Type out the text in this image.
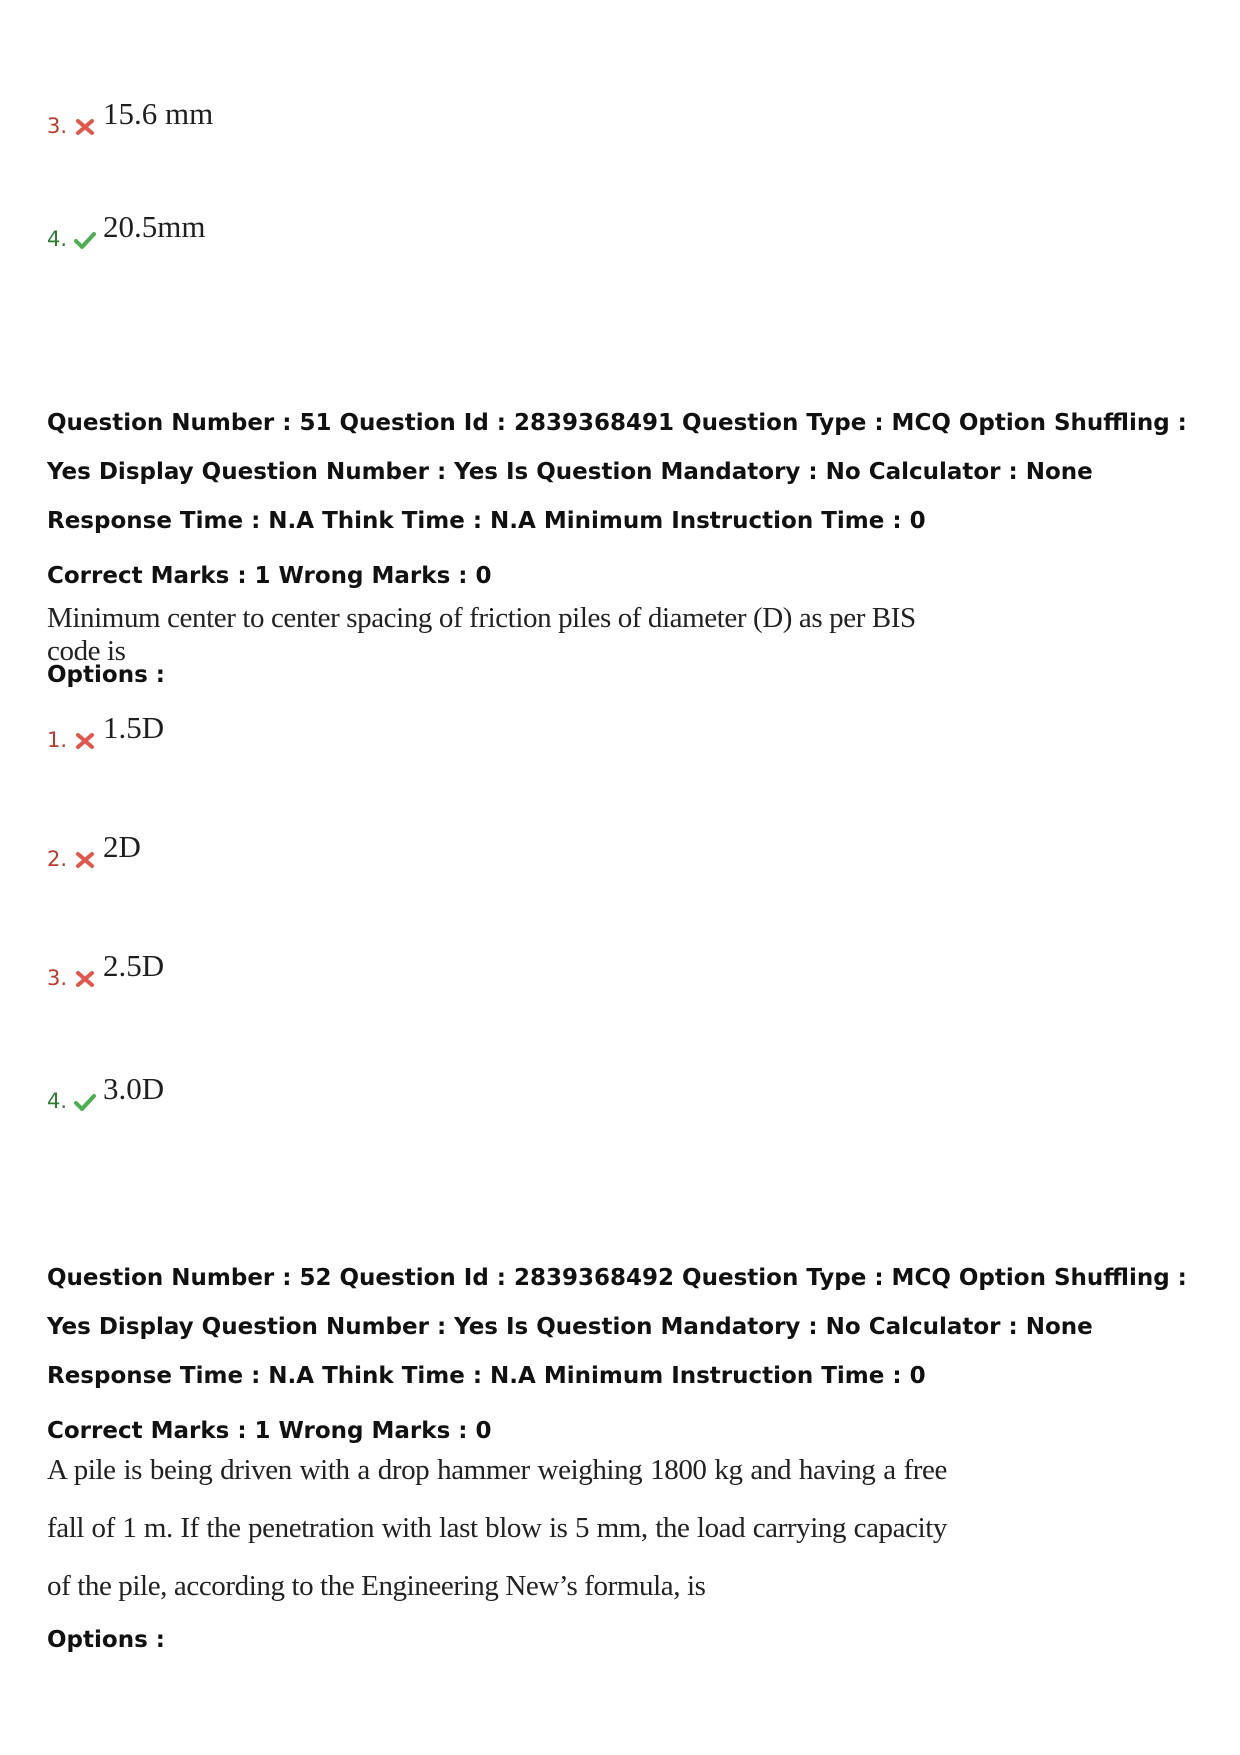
3. 15.6 mm
4. 20.5mm
Question Number : 51 Question Id : 2839368491 Question Type : MCQ Option Shuffling : Yes Display Question Number : Yes Is Question Mandatory : No Calculator : None Response Time : N.A Think Time : N.A Minimum Instruction Time : 0
Correct Marks : 1 Wrong Marks : 0
Minimum center to center spacing of friction piles of diameter (D) as per BIS code is
Options :
1. 1.5D
2. 2D
3. 2.5D
4. 3.0D
Question Number : 52 Question Id : 2839368492 Question Type : MCQ Option Shuffling : Yes Display Question Number : Yes Is Question Mandatory : No Calculator : None Response Time : N.A Think Time : N.A Minimum Instruction Time : 0
Correct Marks : 1 Wrong Marks : 0
A pile is being driven with a drop hammer weighing 1800 kg and having a free fall of 1 m. If the penetration with last blow is 5 mm, the load carrying capacity of the pile, according to the Engineering New’s formula, is
Options :
